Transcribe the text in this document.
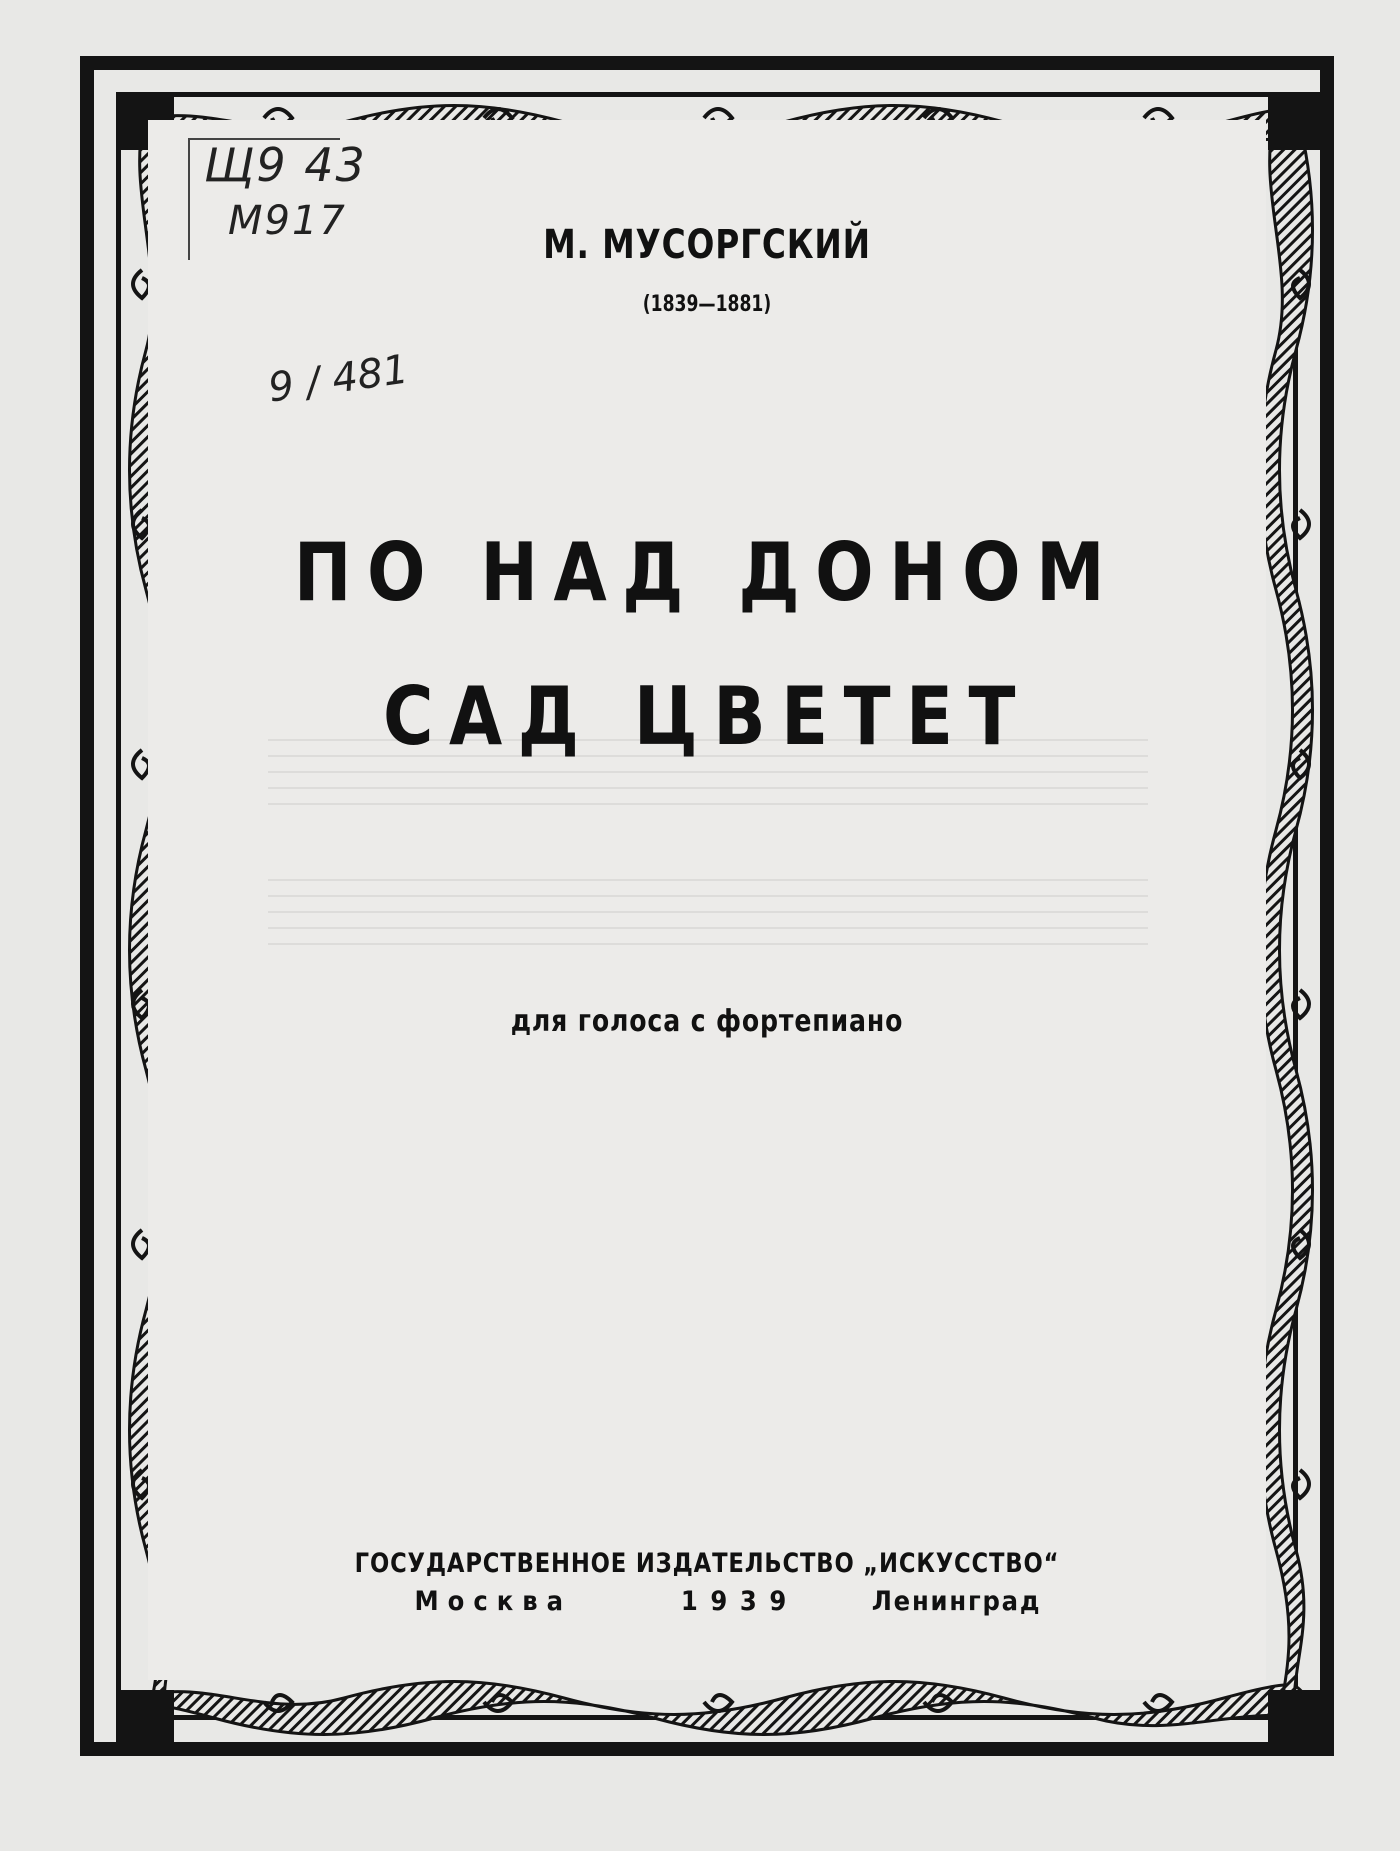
Щ9 43
М917
9 / 481
М. МУСОРГСКИЙ
(1839—1881)
ПО НАД ДОНОМ
САД ЦВЕТЕТ
для голоса с фортепиано
ГОСУДАРСТВЕННОЕ ИЗДАТЕЛЬСТВО „ИСКУССТВО“
Москва	1939	Ленинград
